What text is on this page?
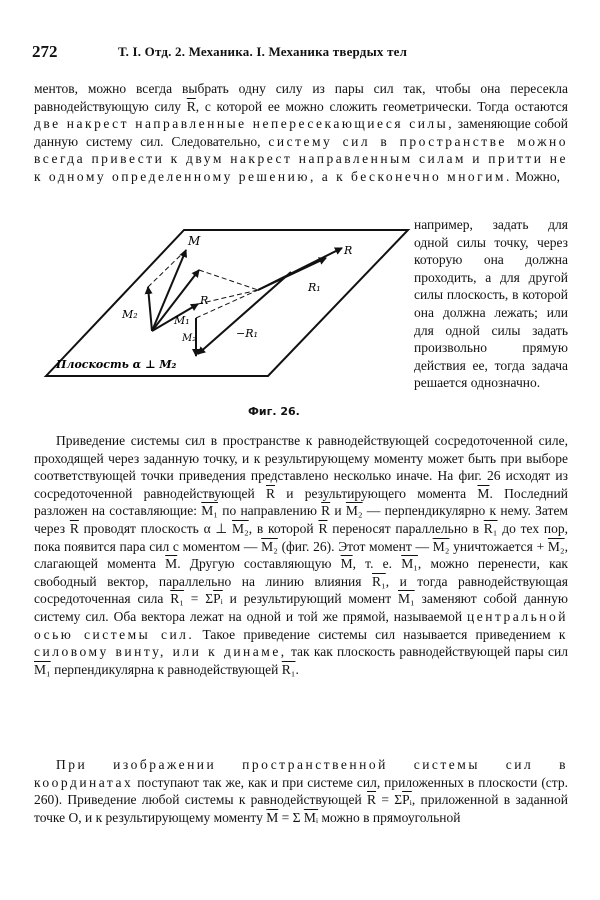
272	Т. I. Отд. 2. Механика. I. Механика твердых тел
ментов, можно всегда выбрать одну силу из пары сил так, чтобы она пересекла равнодействующую силу $\overline{R}$, с которой ее можно сложить геометрически. Тогда остаются две накрест направленные непересекающиеся силы, заменяющие собой данную систему сил. Следовательно, систему сил в пространстве можно всегда привести к двум накрест направленным силам и притти не к одному определенному решению, а к бесконечно многим. Можно,
M
M₂	M₁
R
M₂	−R₁
R₁
R
Плоскость α ⊥ M₂
Фиг. 26.
например, задать для одной силы точку, через которую она должна проходить, а для другой силы плоскость, в которой она должна лежать; или для одной силы задать произвольно прямую действия ее, тогда задача решается однозначно.
Приведение системы сил в пространстве к равнодействующей сосредоточенной силе, проходящей через заданную точку, и к результирующему моменту может быть при выборе соответствующей точки приведения представлено несколько иначе. На фиг. 26 исходят из сосредоточенной равнодействующей $\overline{R}$ и результирующего момента $\overline{M}$. Последний разложен на составляющие: M₁ по направлению $\overline{R}$ и M₂ — перпендикулярно к нему. Затем через $\overline{R}$ проводят плоскость α ⊥ M₂, в которой $\overline{R}$ переносят параллельно в R₁ до тех пор, пока появится пара сил с моментом — M₂ (фиг. 26). Этот момент — M₂ уничтожается + M₂, слагающей момента $\overline{M}$. Другую составляющую $\overline{M}$, т. е. M₁, можно перенести, как свободный вектор, параллельно на линию влияния R₁, и тогда равнодействующая сосредоточенная сила $R_1 = \Sigma\overline{Pᵢ}$ и результирующий момент M₁ заменяют собой данную систему сил. Оба вектора лежат на одной и той же прямой, называемой центральной осью системы сил. Такое приведение системы сил называется приведением к силовому винту, или к динаме, так как плоскость равнодействующей пары сил M₁ перпендикулярна к равнодействующей R₁.
При изображении пространственной системы сил в координатах поступают так же, как и при системе сил, приложенных в плоскости (стр. 260). Приведение любой системы к равнодействующей $\overline{R} = \Sigma\overline{Pᵢ}$, приложенной в заданной точке O, и к результирующему моменту $\overline{M} = \Sigma$ $\overline{Mᵢ}$ можно в прямоугольной
